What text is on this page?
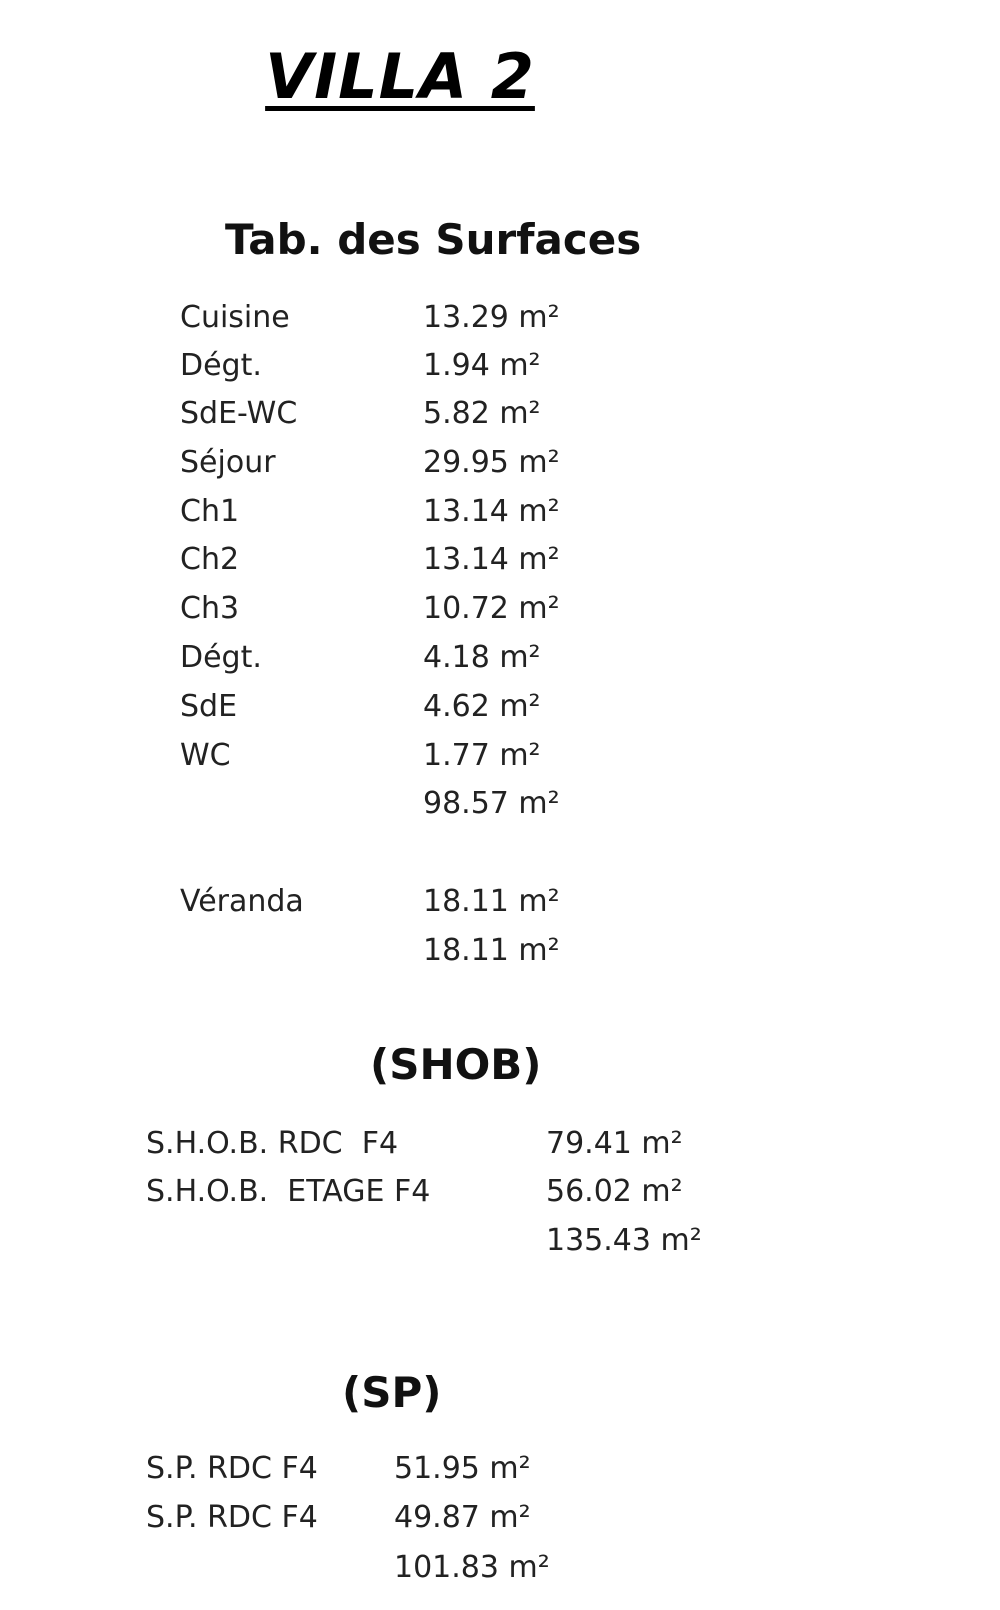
VILLA 2
Tab. des Surfaces
Cuisine	13.29 m²
Dégt.	1.94 m²
SdE-WC	5.82 m²
Séjour	29.95 m²
Ch1	13.14 m²
Ch2	13.14 m²
Ch3	10.72 m²
Dégt.	4.18 m²
SdE	4.62 m²
WC	1.77 m²
98.57 m²
Véranda	18.11 m²
18.11 m²
(SHOB)
S.H.O.B. RDC  F4	79.41 m²
S.H.O.B.  ETAGE F4	56.02 m²
135.43 m²
(SP)
S.P. RDC F4	51.95 m²
S.P. RDC F4	49.87 m²
101.83 m²
